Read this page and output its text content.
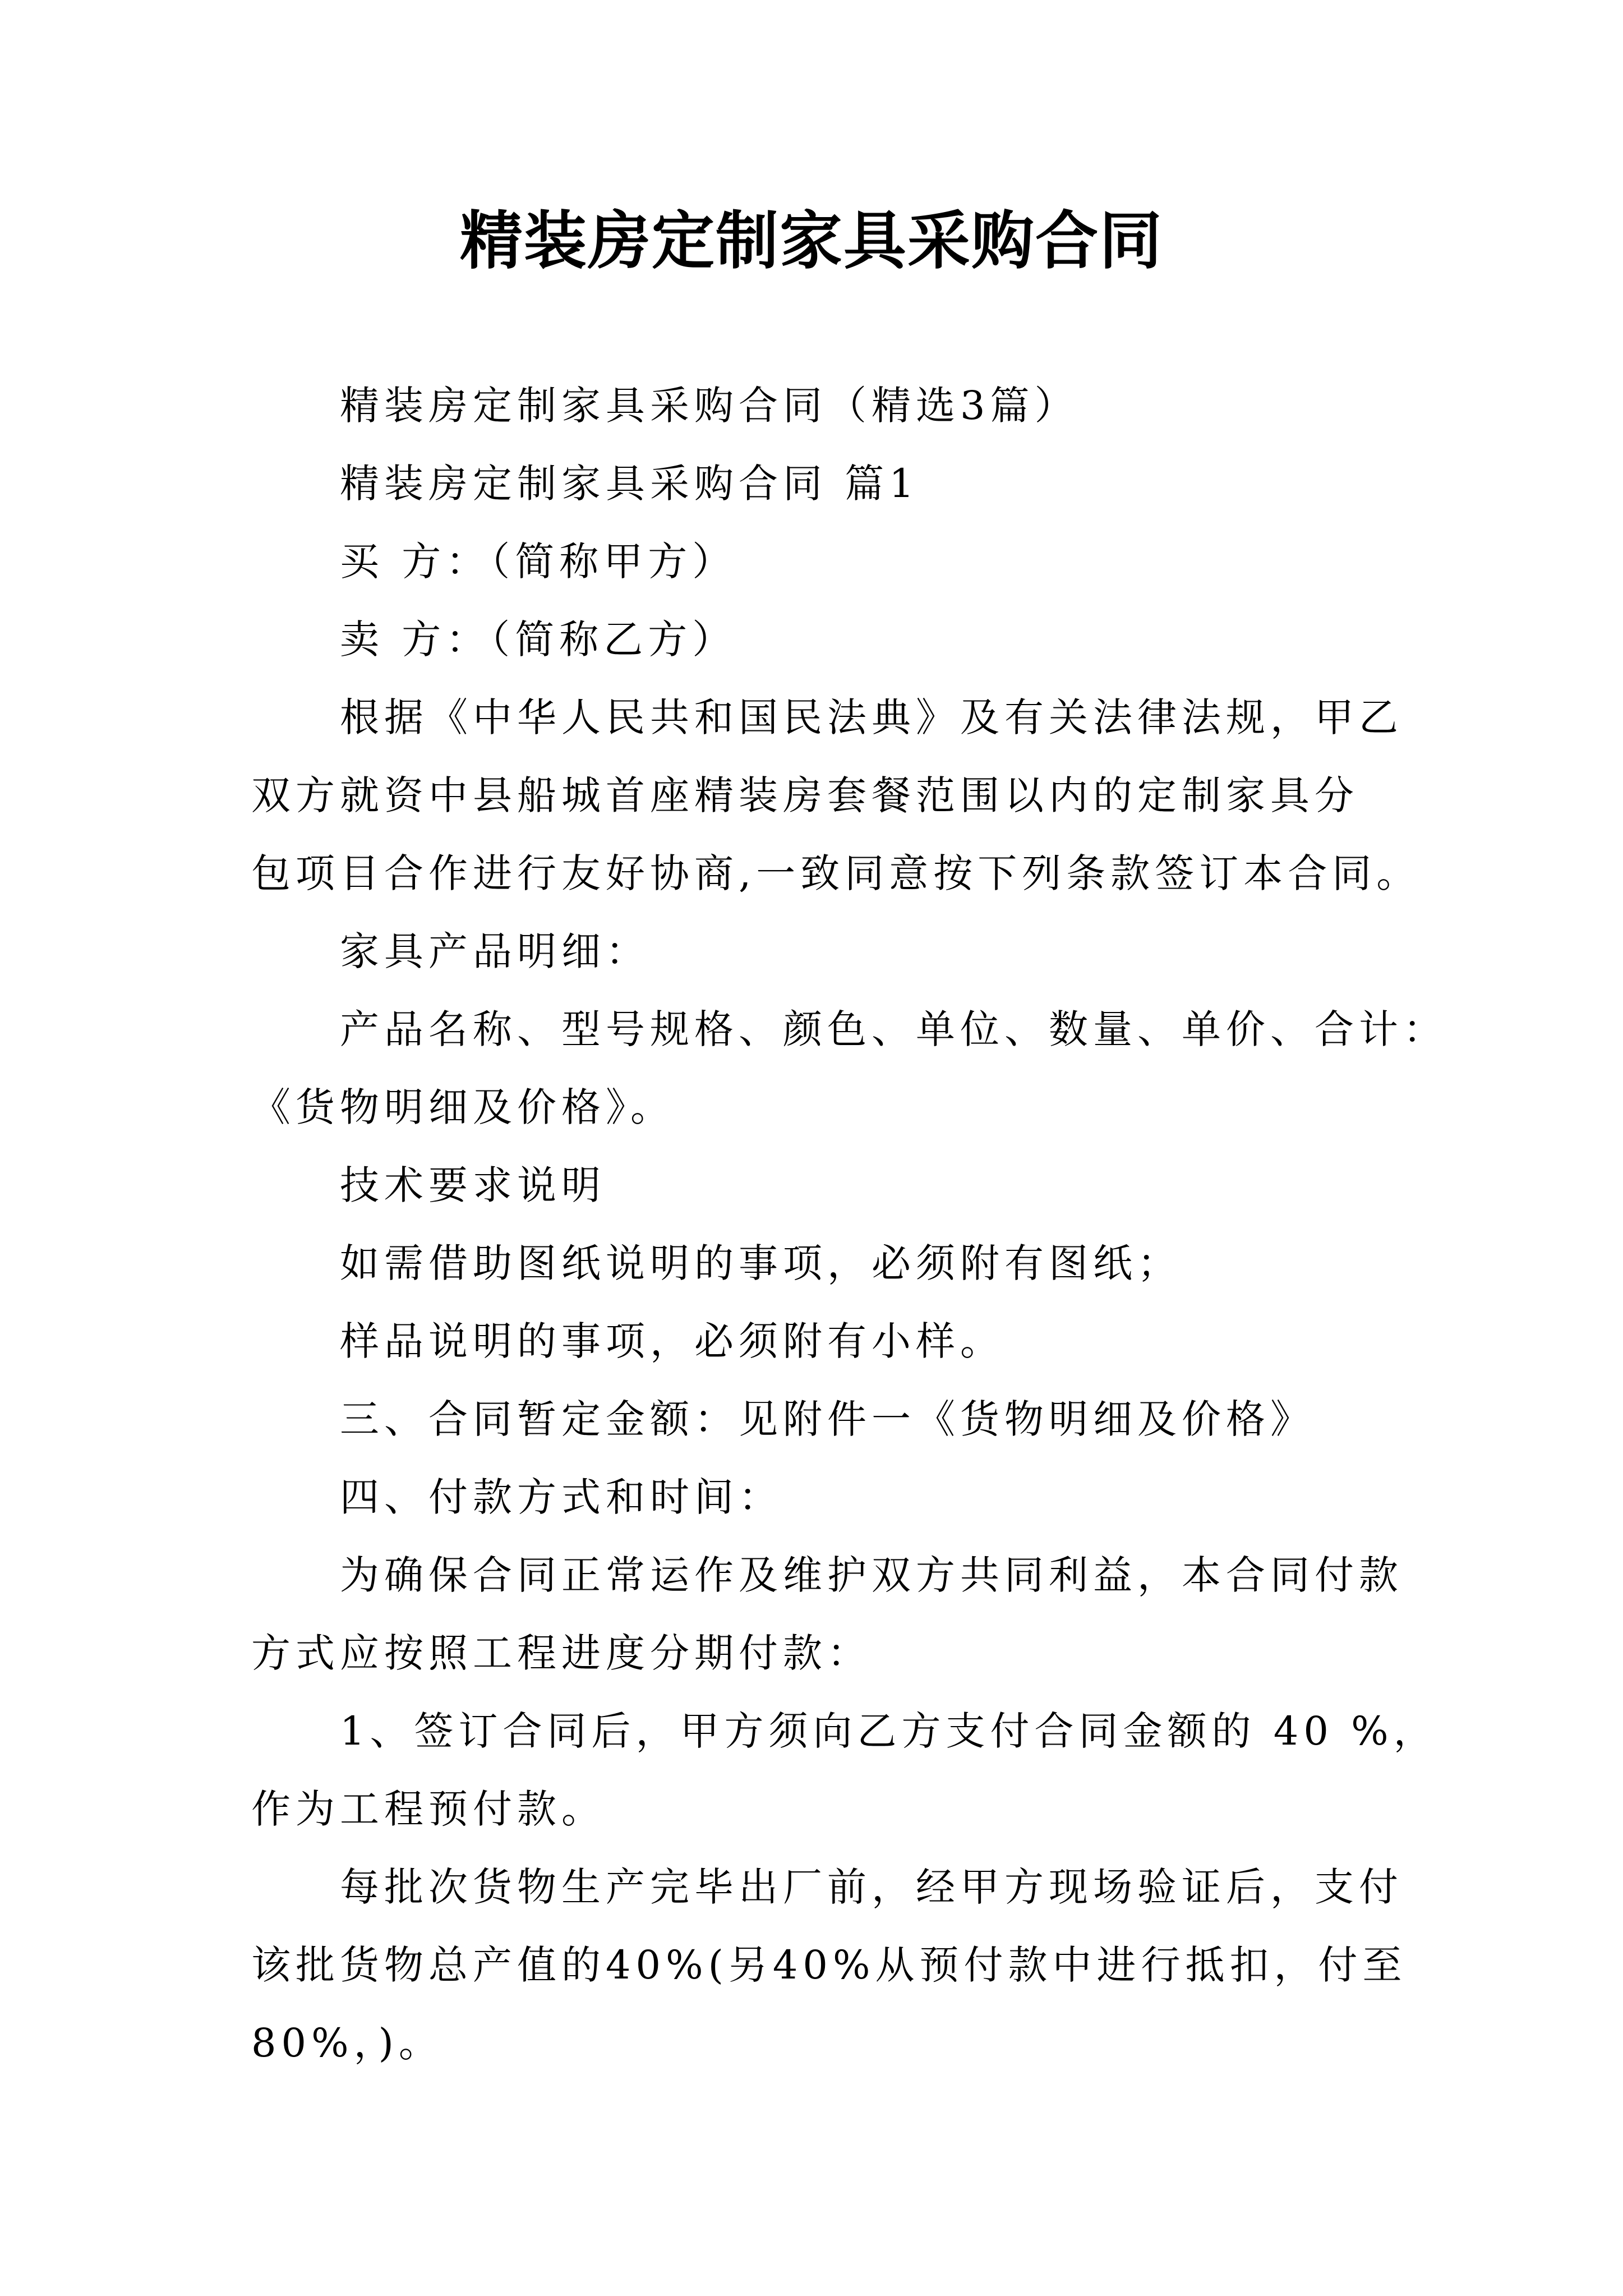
精装房定制家具采购合同

精装房定制家具采购合同（精选3篇）

精装房定制家具采购合同 篇1

买 方：（简称甲方）

卖 方：（简称乙方）

根据《中华人民共和国民法典》及有关法律法规，甲乙

双方就资中县船城首座精装房套餐范围以内的定制家具分

包项目合作进行友好协商,一致同意按下列条款签订本合同。

家具产品明细：

产品名称、型号规格、颜色、单位、数量、单价、合计：

《货物明细及价格》。

技术要求说明

如需借助图纸说明的事项，必须附有图纸；

样品说明的事项，必须附有小样。

三、合同暂定金额：见附件一《货物明细及价格》

四、付款方式和时间：

为确保合同正常运作及维护双方共同利益，本合同付款

方式应按照工程进度分期付款：

1、签订合同后，甲方须向乙方支付合同金额的 40 %，

作为工程预付款。

每批次货物生产完毕出厂前，经甲方现场验证后，支付

该批货物总产值的40%(另40%从预付款中进行抵扣，付至

80%，)。
